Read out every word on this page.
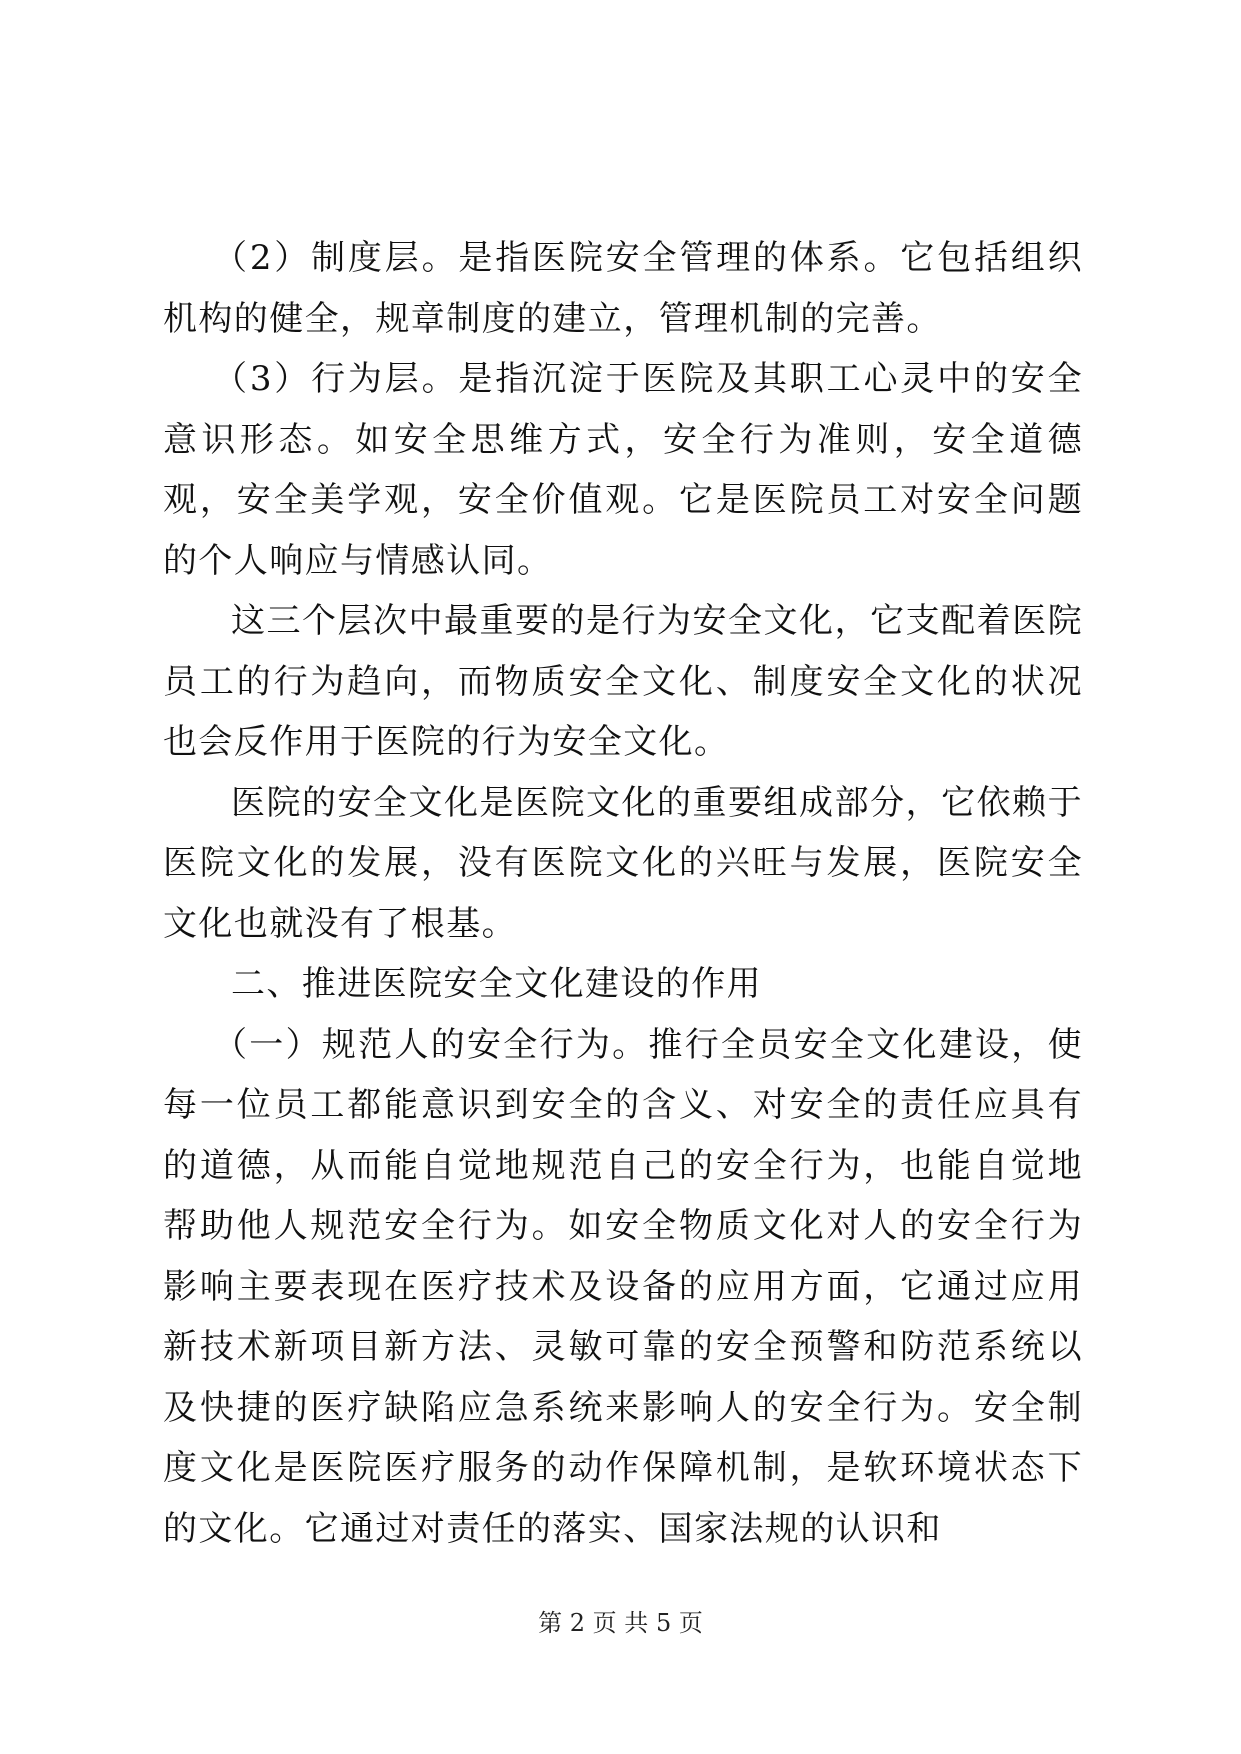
（2）制度层。是指医院安全管理的体系。它包括组织机构的健全，规章制度的建立，管理机制的完善。

（3）行为层。是指沉淀于医院及其职工心灵中的安全意识形态。如安全思维方式，安全行为准则，安全道德观，安全美学观，安全价值观。它是医院员工对安全问题的个人响应与情感认同。

这三个层次中最重要的是行为安全文化，它支配着医院员工的行为趋向，而物质安全文化、制度安全文化的状况也会反作用于医院的行为安全文化。

医院的安全文化是医院文化的重要组成部分，它依赖于医院文化的发展，没有医院文化的兴旺与发展，医院安全文化也就没有了根基。

二、推进医院安全文化建设的作用

（一）规范人的安全行为。推行全员安全文化建设，使每一位员工都能意识到安全的含义、对安全的责任应具有的道德，从而能自觉地规范自己的安全行为，也能自觉地帮助他人规范安全行为。如安全物质文化对人的安全行为影响主要表现在医疗技术及设备的应用方面，它通过应用新技术新项目新方法、灵敏可靠的安全预警和防范系统以及快捷的医疗缺陷应急系统来影响人的安全行为。安全制度文化是医院医疗服务的动作保障机制，是软环境状态下的文化。它通过对责任的落实、国家法规的认识和

第 2 页 共 5 页
